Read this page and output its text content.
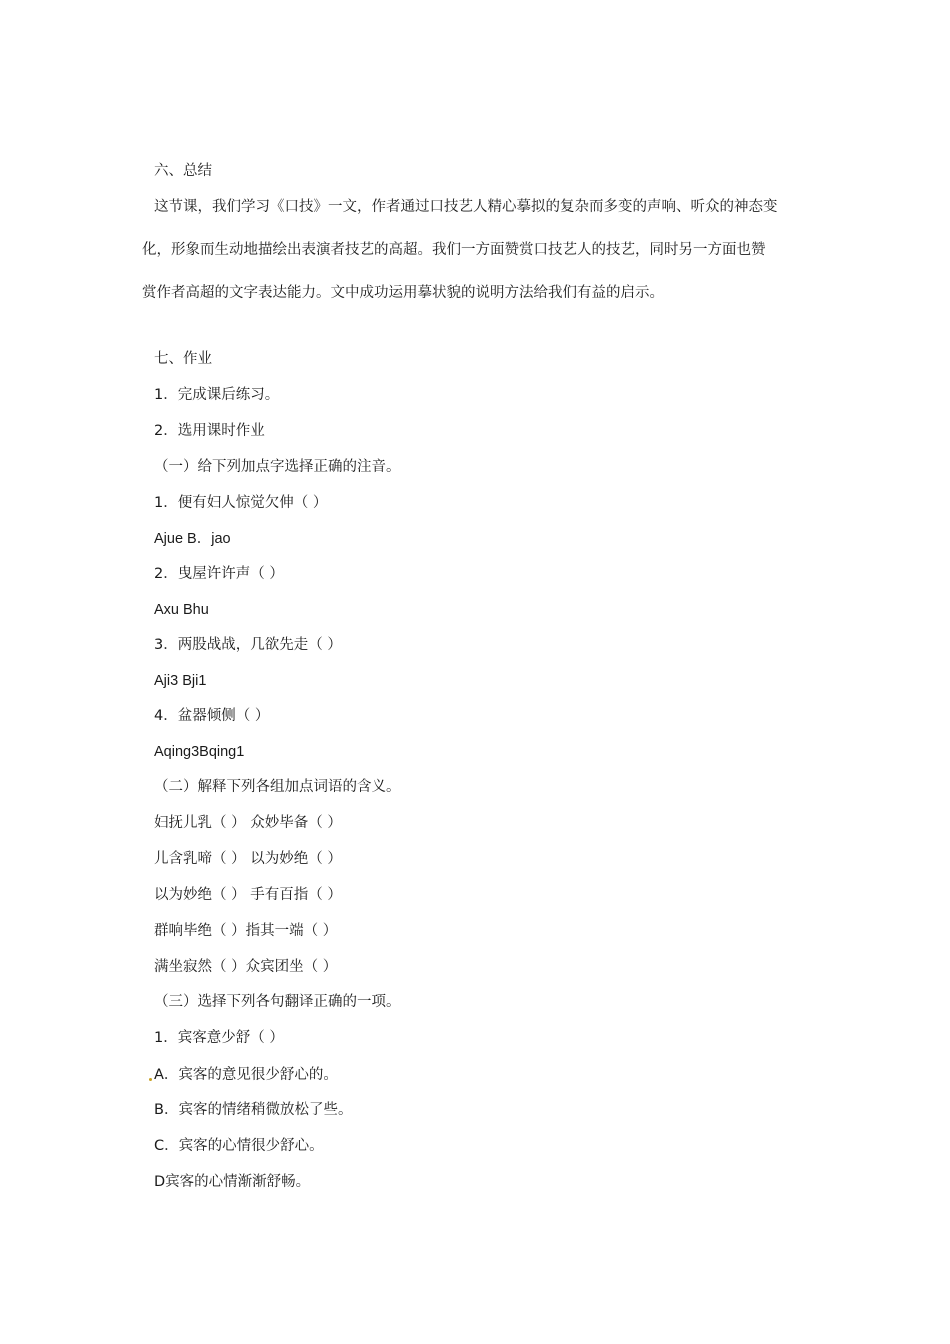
六、总结
这节课，我们学习《口技》一文，作者通过口技艺人精心摹拟的复杂而多变的声响、听众的神态变
化，形象而生动地描绘出表演者技艺的高超。我们一方面赞赏口技艺人的技艺，同时另一方面也赞
赏作者高超的文字表达能力。文中成功运用摹状貌的说明方法给我们有益的启示。
七、作业
1．完成课后练习。
2．选用课时作业
（一）给下列加点字选择正确的注音。
1．便有妇人惊觉欠伸（ ）
Ajue B．jao
2．曳屋许许声（ ）
Axu Bhu
3．两股战战，几欲先走（ ）
Aji3 Bji1
4．盆器倾侧（ ）
Aqing3Bqing1
（二）解释下列各组加点词语的含义。
妇抚儿乳（ ） 众妙毕备（ ）
儿含乳啼（ ） 以为妙绝（ ）
以为妙绝（ ） 手有百指（ ）
群响毕绝（ ）指其一端（ ）
满坐寂然（ ）众宾团坐（ ）
（三）选择下列各句翻译正确的一项。
1．宾客意少舒（ ）
A．宾客的意见很少舒心的。
B．宾客的情绪稍微放松了些。
C．宾客的心情很少舒心。
D宾客的心情渐渐舒畅。
